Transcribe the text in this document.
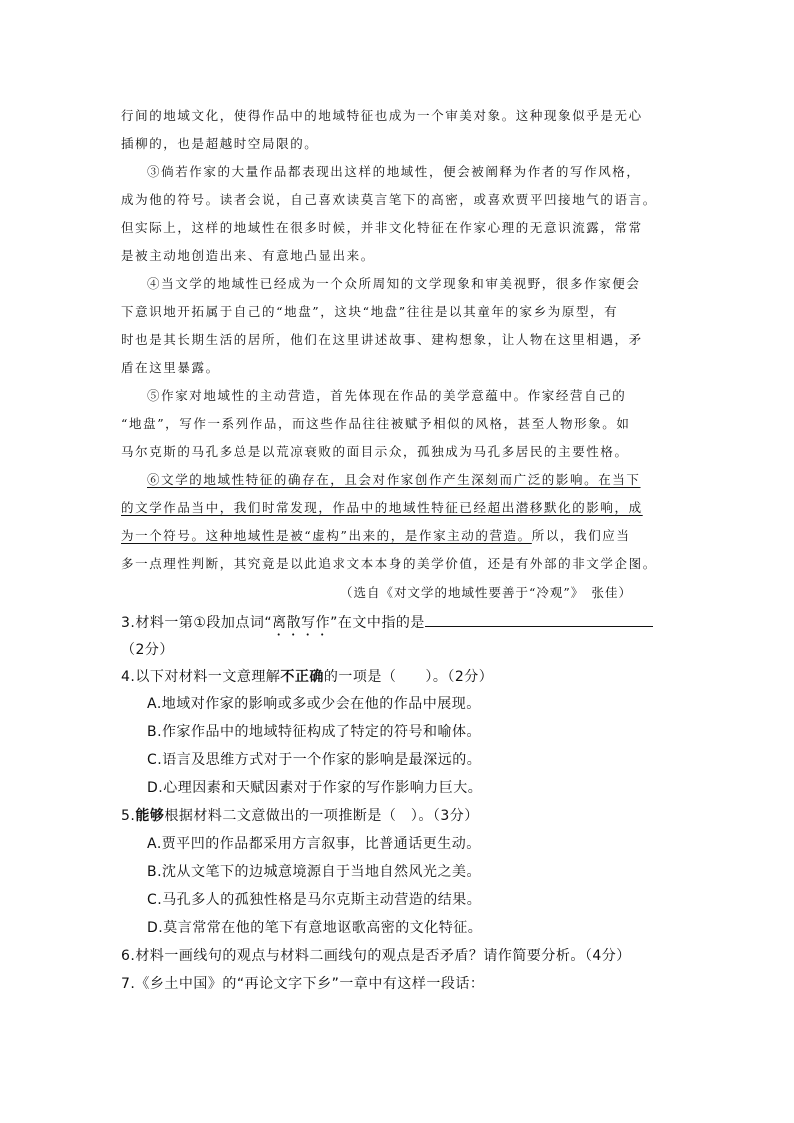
行间的地域文化，使得作品中的地域特征也成为一个审美对象。这种现象似乎是无心
插柳的，也是超越时空局限的。
③倘若作家的大量作品都表现出这样的地域性，便会被阐释为作者的写作风格，
成为他的符号。读者会说，自己喜欢读莫言笔下的高密，或喜欢贾平凹接地气的语言。
但实际上，这样的地域性在很多时候，并非文化特征在作家心理的无意识流露，常常
是被主动地创造出来、有意地凸显出来。
④当文学的地域性已经成为一个众所周知的文学现象和审美视野，很多作家便会
下意识地开拓属于自己的“地盘”，这块“地盘”往往是以其童年的家乡为原型，有
时也是其长期生活的居所，他们在这里讲述故事、建构想象，让人物在这里相遇，矛
盾在这里暴露。
⑤作家对地域性的主动营造，首先体现在作品的美学意蕴中。作家经营自己的
“地盘”，写作一系列作品，而这些作品往往被赋予相似的风格，甚至人物形象。如
马尔克斯的马孔多总是以荒凉衰败的面目示众，孤独成为马孔多居民的主要性格。
⑥文学的地域性特征的确存在，且会对作家创作产生深刻而广泛的影响。在当下
的文学作品当中，我们时常发现，作品中的地域性特征已经超出潜移默化的影响，成
为一个符号。这种地域性是被“虚构”出来的，是作家主动的营造。所以，我们应当
多一点理性判断，其究竟是以此追求文本本身的美学价值，还是有外部的非文学企图。
（选自《对文学的地域性要善于“冷观”》　张佳）
3.材料一第①段加点词“离散写作”在文中指的是
（2分）
4.以下对材料一文意理解不正确的一项是（　　）。（2分）
A.地域对作家的影响或多或少会在他的作品中展现。
B.作家作品中的地域特征构成了特定的符号和喻体。
C.语言及思维方式对于一个作家的影响是最深远的。
D.心理因素和天赋因素对于作家的写作影响力巨大。
5.能够根据材料二文意做出的一项推断是（　）。（3分）
A.贾平凹的作品都采用方言叙事，比普通话更生动。
B.沈从文笔下的边城意境源自于当地自然风光之美。
C.马孔多人的孤独性格是马尔克斯主动营造的结果。
D.莫言常常在他的笔下有意地讴歌高密的文化特征。
6.材料一画线句的观点与材料二画线句的观点是否矛盾？请作简要分析。（4分）
7.《乡土中国》的“再论文字下乡”一章中有这样一段话：
